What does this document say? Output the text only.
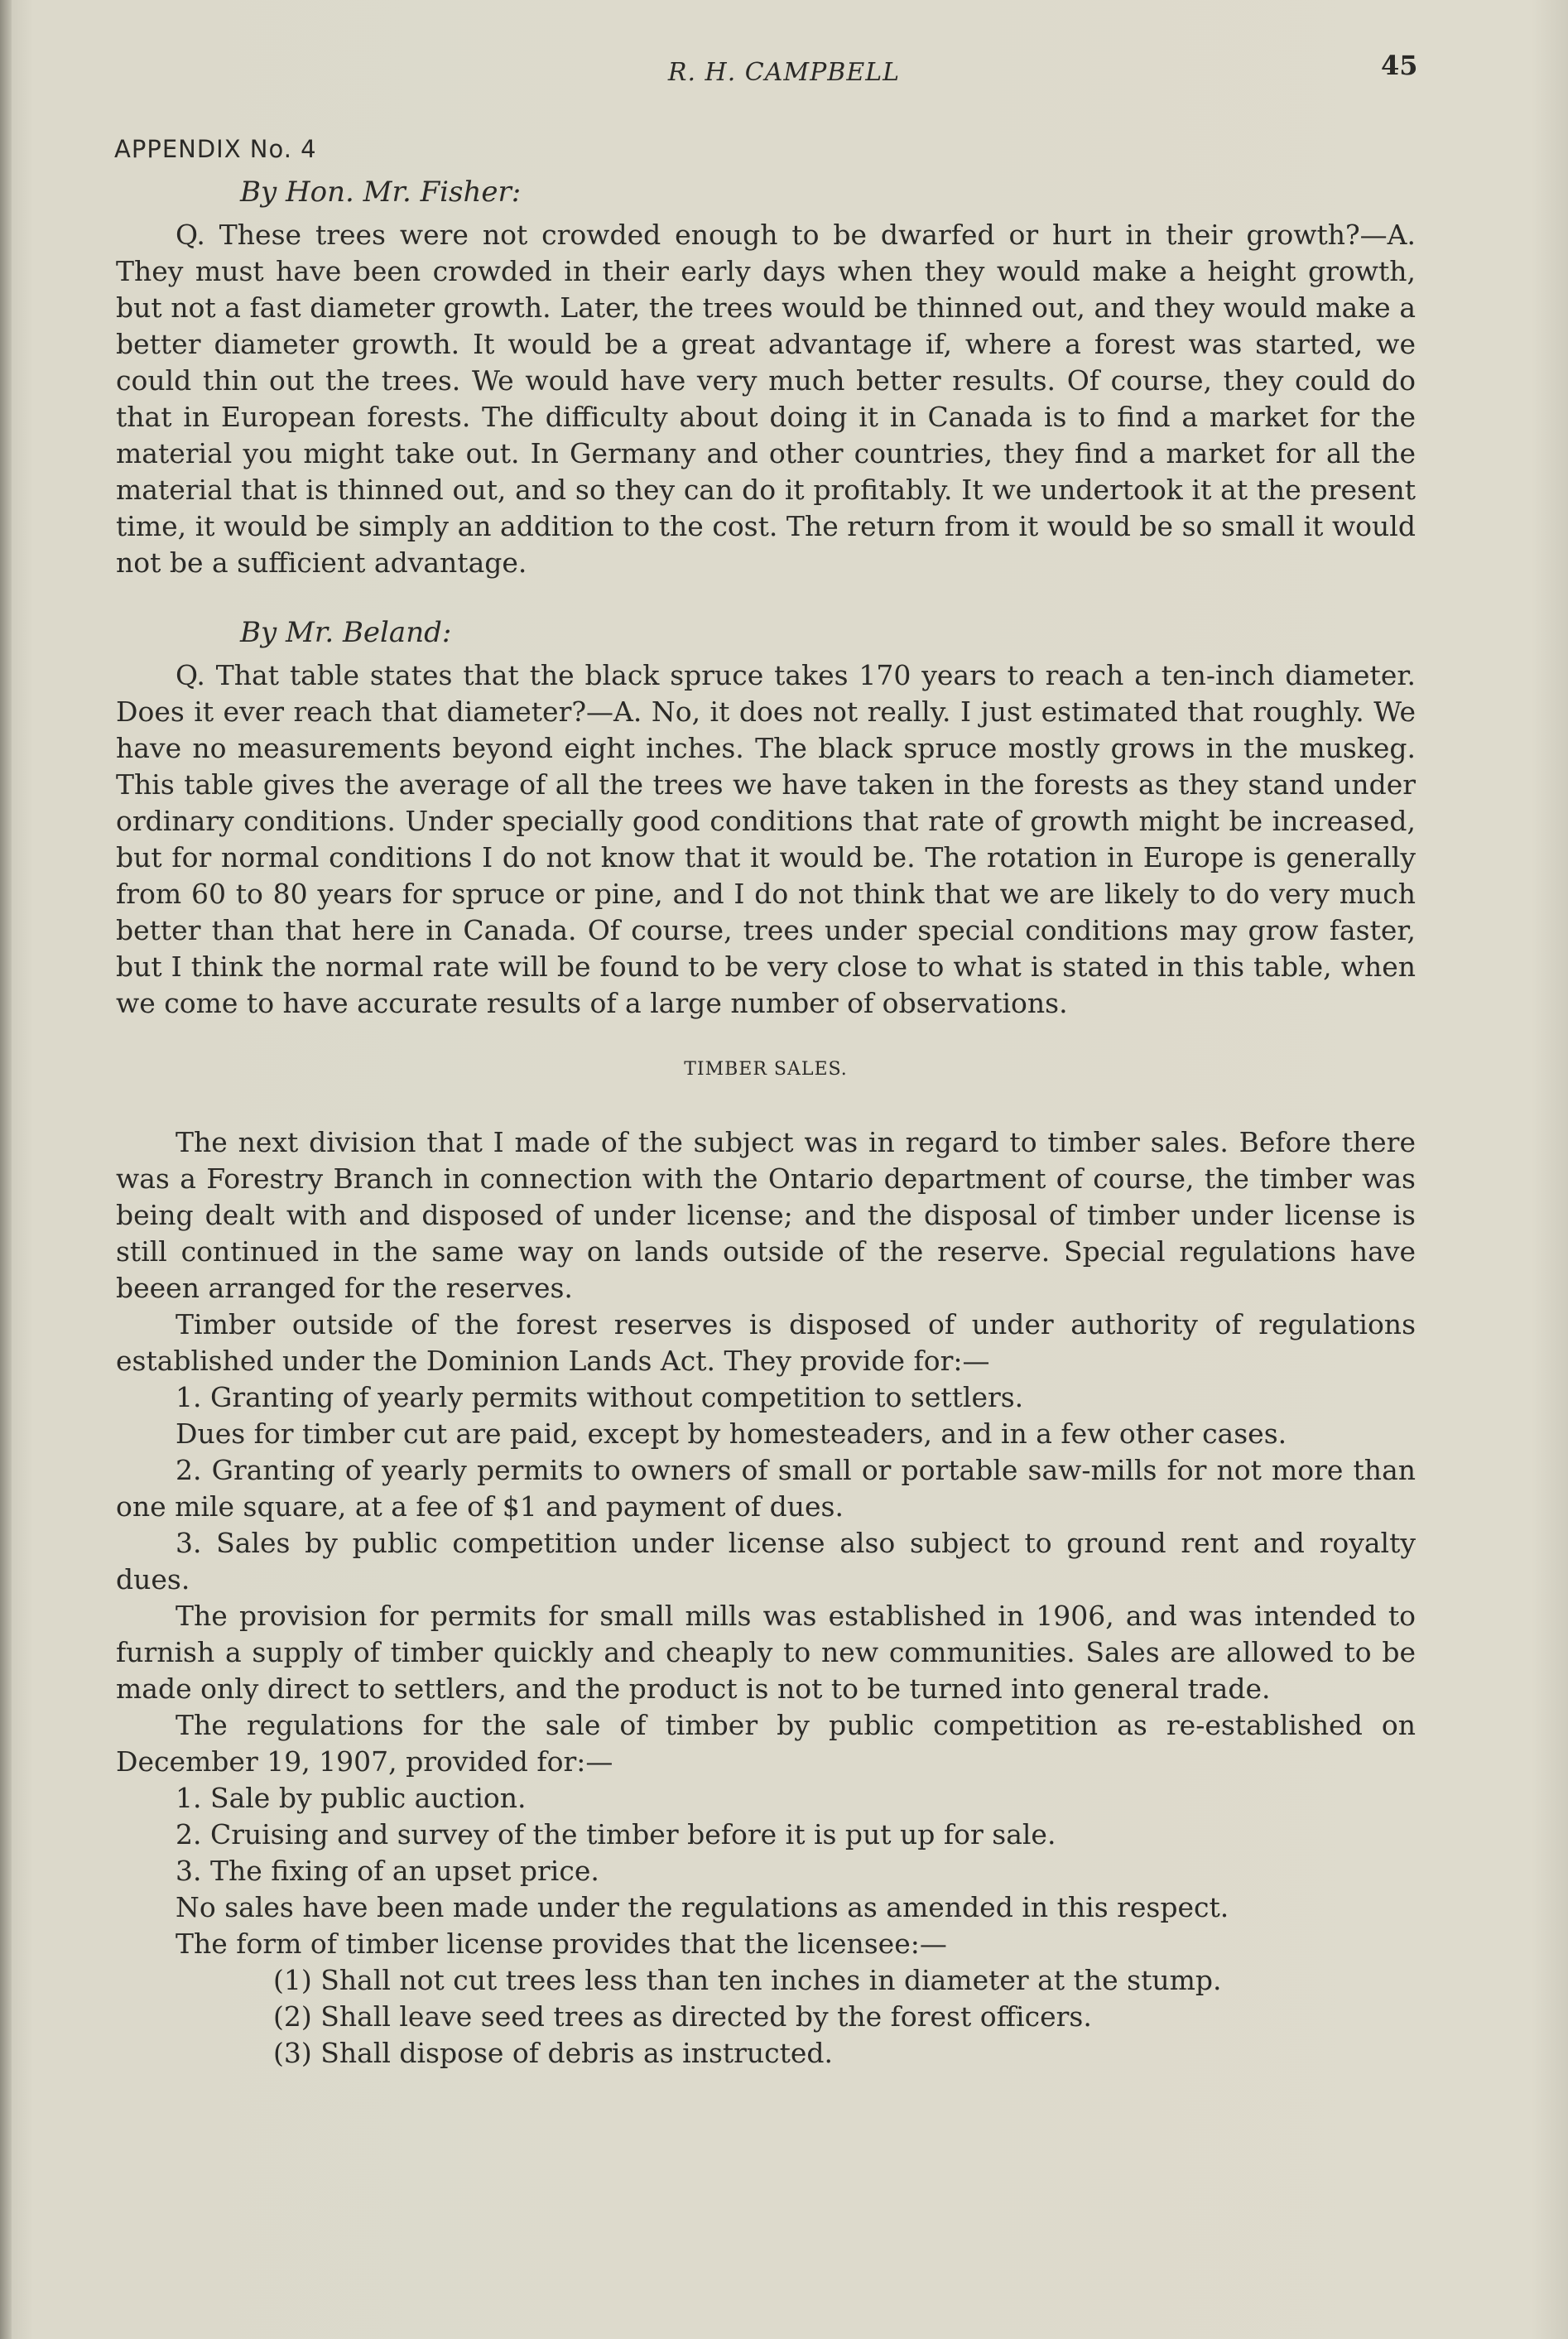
R. H. CAMPBELL	45
APPENDIX No. 4
By Hon. Mr. Fisher:

Q. These trees were not crowded enough to be dwarfed or hurt in their growth?—A. They must have been crowded in their early days when they would make a height growth, but not a fast diameter growth. Later, the trees would be thinned out, and they would make a better diameter growth. It would be a great advantage if, where a forest was started, we could thin out the trees. We would have very much better results. Of course, they could do that in European forests. The difficulty about doing it in Canada is to find a market for the material you might take out. In Germany and other countries, they find a market for all the material that is thinned out, and so they can do it profitably. It we undertook it at the present time, it would be simply an addition to the cost. The return from it would be so small it would not be a sufficient advantage.

By Mr. Beland:

Q. That table states that the black spruce takes 170 years to reach a ten-inch diameter. Does it ever reach that diameter?—A. No, it does not really. I just estimated that roughly. We have no measurements beyond eight inches. The black spruce mostly grows in the muskeg. This table gives the average of all the trees we have taken in the forests as they stand under ordinary conditions. Under specially good conditions that rate of growth might be increased, but for normal conditions I do not know that it would be. The rotation in Europe is generally from 60 to 80 years for spruce or pine, and I do not think that we are likely to do very much better than that here in Canada. Of course, trees under special conditions may grow faster, but I think the normal rate will be found to be very close to what is stated in this table, when we come to have accurate results of a large number of observations.

TIMBER SALES.

The next division that I made of the subject was in regard to timber sales. Before there was a Forestry Branch in connection with the Ontario department of course, the timber was being dealt with and disposed of under license; and the disposal of timber under license is still continued in the same way on lands outside of the reserve. Special regulations have beeen arranged for the reserves.

Timber outside of the forest reserves is disposed of under authority of regulations established under the Dominion Lands Act. They provide for:—

1. Granting of yearly permits without competition to settlers.

Dues for timber cut are paid, except by homesteaders, and in a few other cases.

2. Granting of yearly permits to owners of small or portable saw-mills for not more than one mile square, at a fee of $1 and payment of dues.

3. Sales by public competition under license also subject to ground rent and royalty dues.

The provision for permits for small mills was established in 1906, and was intended to furnish a supply of timber quickly and cheaply to new communities. Sales are allowed to be made only direct to settlers, and the product is not to be turned into general trade.

The regulations for the sale of timber by public competition as re-established on December 19, 1907, provided for:—

1. Sale by public auction.

2. Cruising and survey of the timber before it is put up for sale.

3. The fixing of an upset price.

No sales have been made under the regulations as amended in this respect.

The form of timber license provides that the licensee:—

(1) Shall not cut trees less than ten inches in diameter at the stump.

(2) Shall leave seed trees as directed by the forest officers.

(3) Shall dispose of debris as instructed.
